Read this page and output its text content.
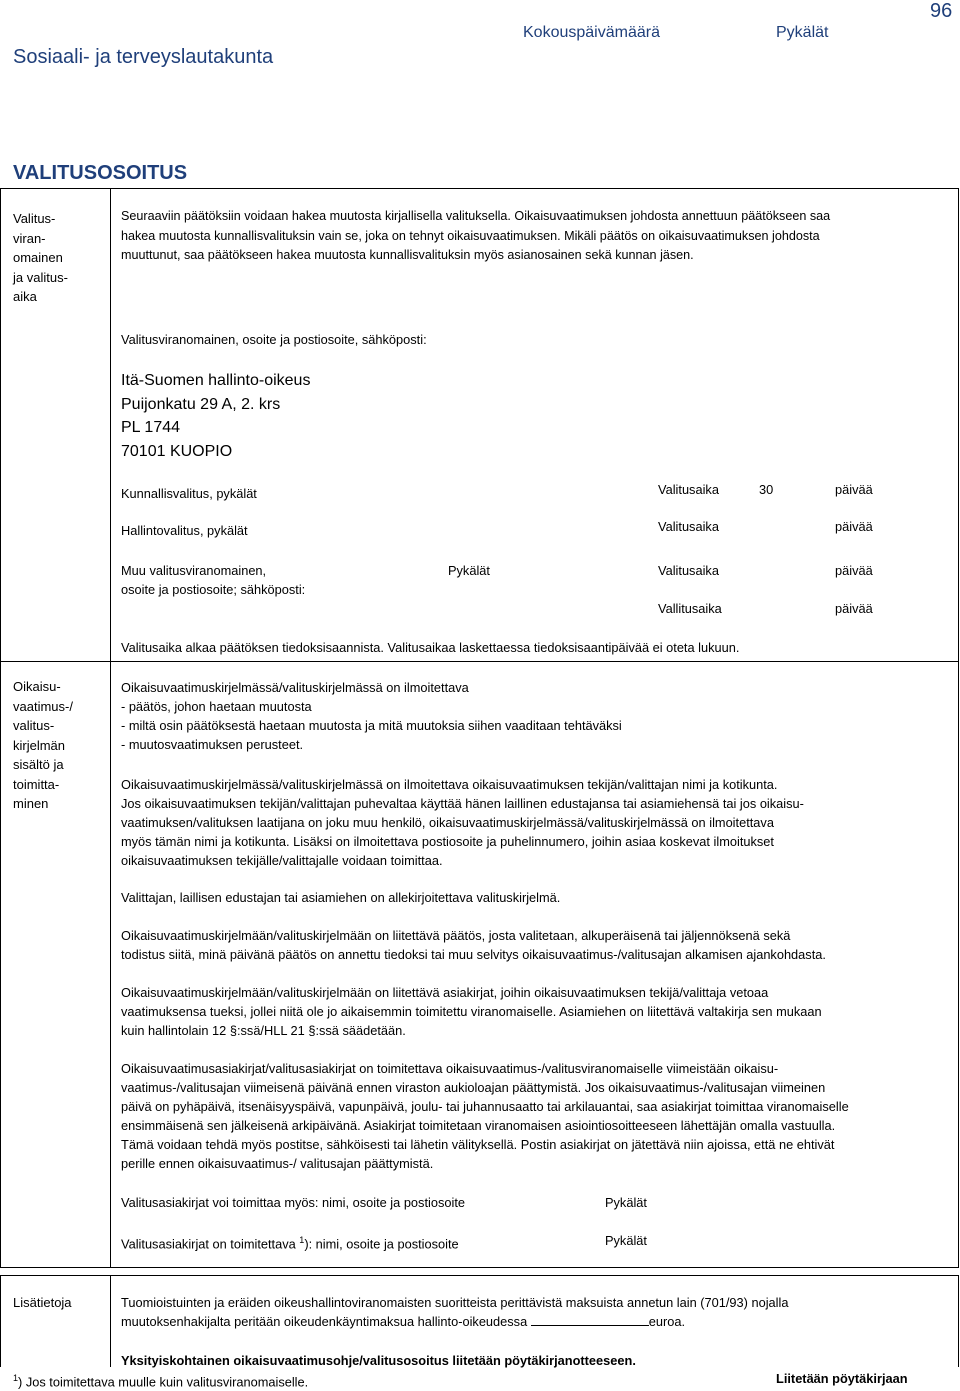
Sosiaali- ja terveyslautakunta
Kokouspäivämäärä	Pykälät
96
VALITUSOSOITUS
Valitus-
viran-
omainen
ja valitus-
aika
Seuraaviin päätöksiin voidaan hakea muutosta kirjallisella valituksella. Oikaisuvaatimuksen johdosta annettuun päätökseen saa
hakea muutosta kunnallisvalituksin vain se, joka on tehnyt oikaisuvaatimuksen. Mikäli päätös on oikaisuvaatimuksen johdosta
muuttunut, saa päätökseen hakea muutosta kunnallisvalituksin myös asianosainen sekä kunnan jäsen.
Valitusviranomainen, osoite ja postiosoite, sähköposti:
Itä-Suomen hallinto-oikeus
Puijonkatu 29 A, 2. krs
PL 1744
70101 KUOPIO
Kunnallisvalitus, pykälät	Valitusaika	30	päivää
Hallintovalitus, pykälät	Valitusaika	päivää
Muu valitusviranomainen,	Pykälät	Valitusaika	päivää
osoite ja postiosoite; sähköposti:
Vallitusaika	päivää
Valitusaika alkaa päätöksen tiedoksisaannista. Valitusaikaa laskettaessa tiedoksisaantipäivää ei oteta lukuun.
Oikaisu-
vaatimus-/
valitus-
kirjelmän
sisältö ja
toimitta-
minen
Oikaisuvaatimuskirjelmässä/valituskirjelmässä on ilmoitettava
- päätös, johon haetaan muutosta
- miltä osin päätöksestä haetaan muutosta ja mitä muutoksia siihen vaaditaan tehtäväksi
- muutosvaatimuksen perusteet.
Oikaisuvaatimuskirjelmässä/valituskirjelmässä on ilmoitettava oikaisuvaatimuksen tekijän/valittajan nimi ja kotikunta.
Jos oikaisuvaatimuksen tekijän/valittajan puhevaltaa käyttää hänen laillinen edustajansa tai asiamiehensä tai jos oikaisu-
vaatimuksen/valituksen laatijana on joku muu henkilö, oikaisuvaatimuskirjelmässä/valituskirjelmässä on ilmoitettava
myös tämän nimi ja kotikunta. Lisäksi on ilmoitettava postiosoite ja puhelinnumero, joihin asiaa koskevat ilmoitukset
oikaisuvaatimuksen tekijälle/valittajalle voidaan toimittaa.
Valittajan, laillisen edustajan tai asiamiehen on allekirjoitettava valituskirjelmä.
Oikaisuvaatimuskirjelmään/valituskirjelmään on liitettävä päätös, josta valitetaan, alkuperäisenä tai jäljennöksenä sekä
todistus siitä, minä päivänä päätös on annettu tiedoksi tai muu selvitys oikaisuvaatimus-/valitusajan alkamisen ajankohdasta.
Oikaisuvaatimuskirjelmään/valituskirjelmään on liitettävä asiakirjat, joihin oikaisuvaatimuksen tekijä/valittaja vetoaa
vaatimuksensa tueksi, jollei niitä ole jo aikaisemmin toimitettu viranomaiselle. Asiamiehen on liitettävä valtakirja sen mukaan
kuin hallintolain 12 §:ssä/HLL 21 §:ssä säädetään.
Oikaisuvaatimusasiakirjat/valitusasiakirjat on toimitettava oikaisuvaatimus-/valitusviranomaiselle viimeistään oikaisu-
vaatimus-/valitusajan viimeisenä päivänä ennen viraston aukioloajan päättymistä. Jos oikaisuvaatimus-/valitusajan viimeinen
päivä on pyhäpäivä, itsenäisyyspäivä, vapunpäivä, joulu- tai juhannusaatto tai arkilauantai, saa asiakirjat toimittaa viranomaiselle
ensimmäisenä sen jälkeisenä arkipäivänä. Asiakirjat toimitetaan viranomaisen asiointiosoitteeseen lähettäjän omalla vastuulla.
Tämä voidaan tehdä myös postitse, sähköisesti tai lähetin välityksellä. Postin asiakirjat on jätettävä niin ajoissa, että ne ehtivät
perille ennen oikaisuvaatimus-/ valitusajan päättymistä.
Valitusasiakirjat voi toimittaa myös: nimi, osoite ja postiosoite	Pykälät
Valitusasiakirjat on toimitettava $^1$): nimi, osoite ja postiosoite	Pykälät
Lisätietoja	Tuomioistuinten ja eräiden oikeushallintoviranomaisten suoritteista perittävistä maksuista annetun lain (701/93) nojalla
muutoksenhakijalta peritään oikeudenkäyntimaksua hallinto-oikeudessa	euroa.
Yksityiskohtainen oikaisuvaatimusohje/valitusosoitus liitetään pöytäkirjanotteeseen.
$^1$) Jos toimitettava muulle kuin valitusviranomaiselle.	Liitetään pöytäkirjaan
